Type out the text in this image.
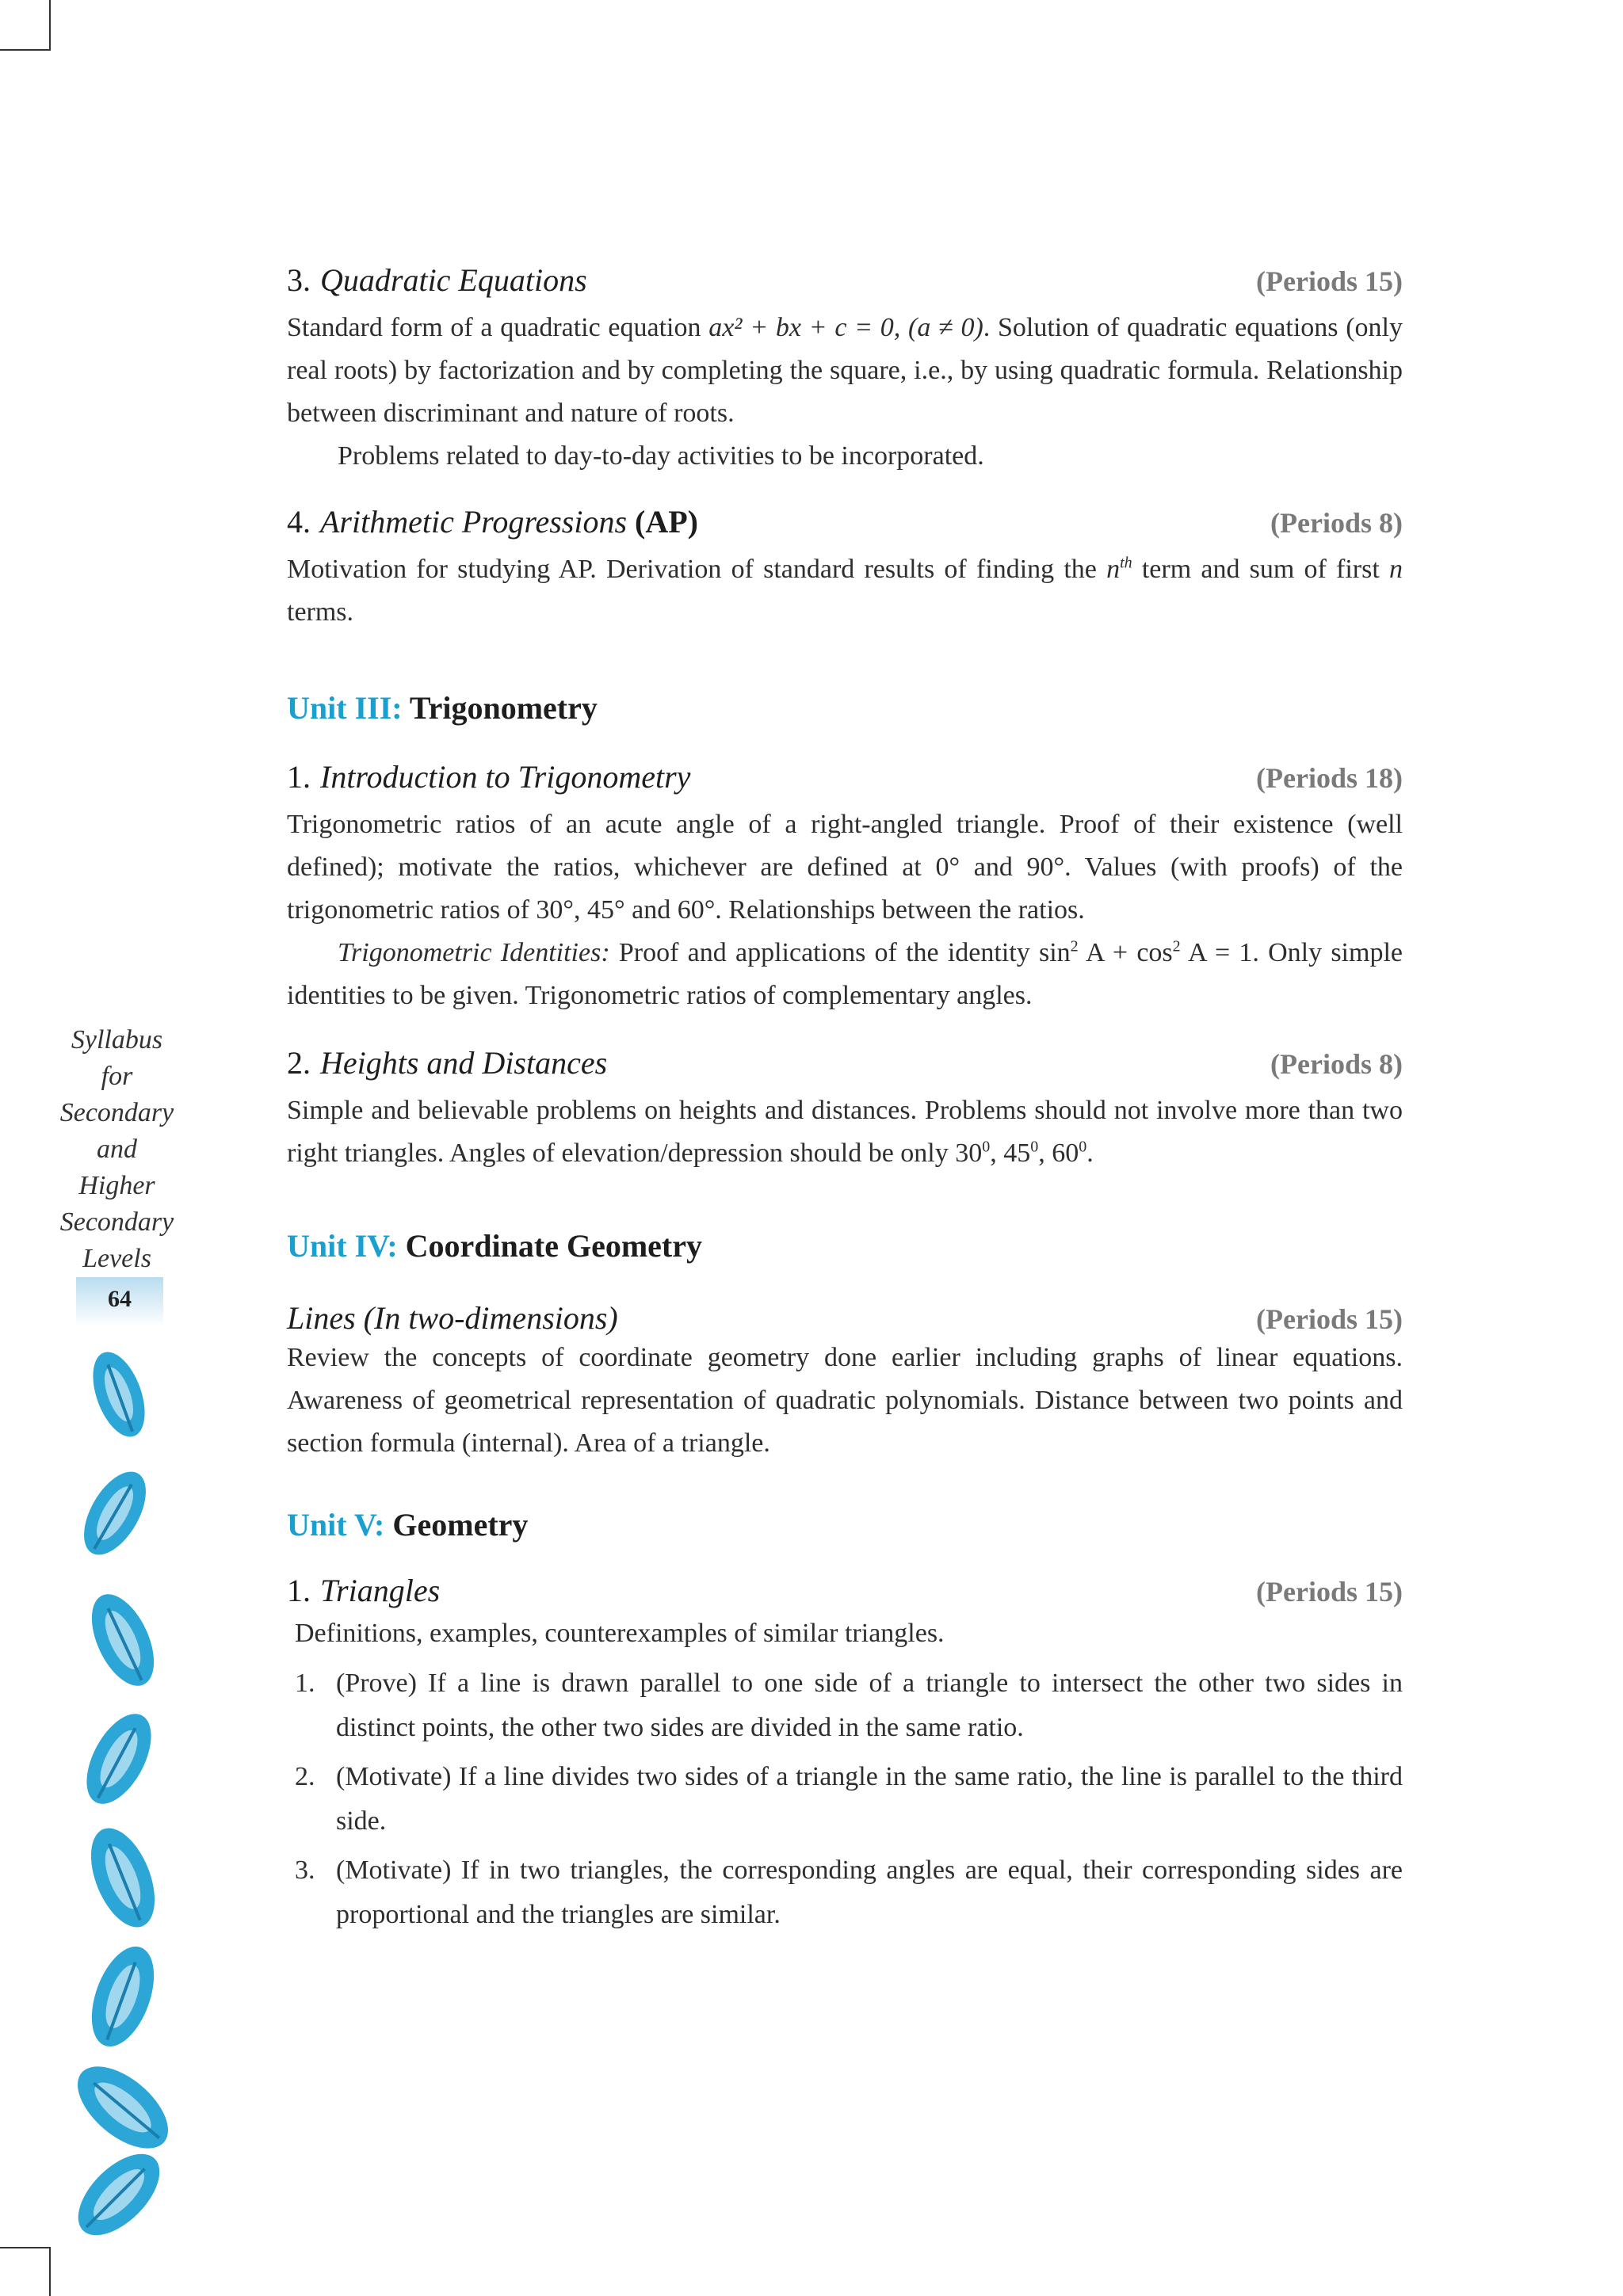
3. Quadratic Equations	(Periods 15)

Standard form of a quadratic equation ax² + bx + c = 0, (a ≠ 0). Solution of quadratic equations (only real roots) by factorization and by completing the square, i.e., by using quadratic formula. Relationship between discriminant and nature of roots.

Problems related to day-to-day activities to be incorporated.

4. Arithmetic Progressions (AP)	(Periods 8)

Motivation for studying AP. Derivation of standard results of finding the $n^{th}$ term and sum of first n terms.

Unit III: Trigonometry
1. Introduction to Trigonometry	(Periods 18)

Trigonometric ratios of an acute angle of a right-angled triangle. Proof of their existence (well defined); motivate the ratios, whichever are defined at 0° and 90°. Values (with proofs) of the trigonometric ratios of 30°, 45° and 60°. Relationships between the ratios.

Trigonometric Identities: Proof and applications of the identity $\sin^2 A + \cos^2 A = 1$. Only simple identities to be given. Trigonometric ratios of complementary angles.

2. Heights and Distances	(Periods 8)

Simple and believable problems on heights and distances. Problems should not involve more than two right triangles. Angles of elevation/depression should be only $30^0$, $45^0$, $60^0$.

Unit IV: Coordinate Geometry
Lines (In two-dimensions)	(Periods 15)

Review the concepts of coordinate geometry done earlier including graphs of linear equations. Awareness of geometrical representation of quadratic polynomials. Distance between two points and section formula (internal). Area of a triangle.

Unit V: Geometry
1. Triangles	(Periods 15)

Definitions, examples, counterexamples of similar triangles.

1. (Prove) If a line is drawn parallel to one side of a triangle to intersect the other two sides in distinct points, the other two sides are divided in the same ratio.
2. (Motivate) If a line divides two sides of a triangle in the same ratio, the line is parallel to the third side.
3. (Motivate) If in two triangles, the corresponding angles are equal, their corresponding sides are proportional and the triangles are similar.
Syllabus
for
Secondary
and
Higher
Secondary
Levels
64
